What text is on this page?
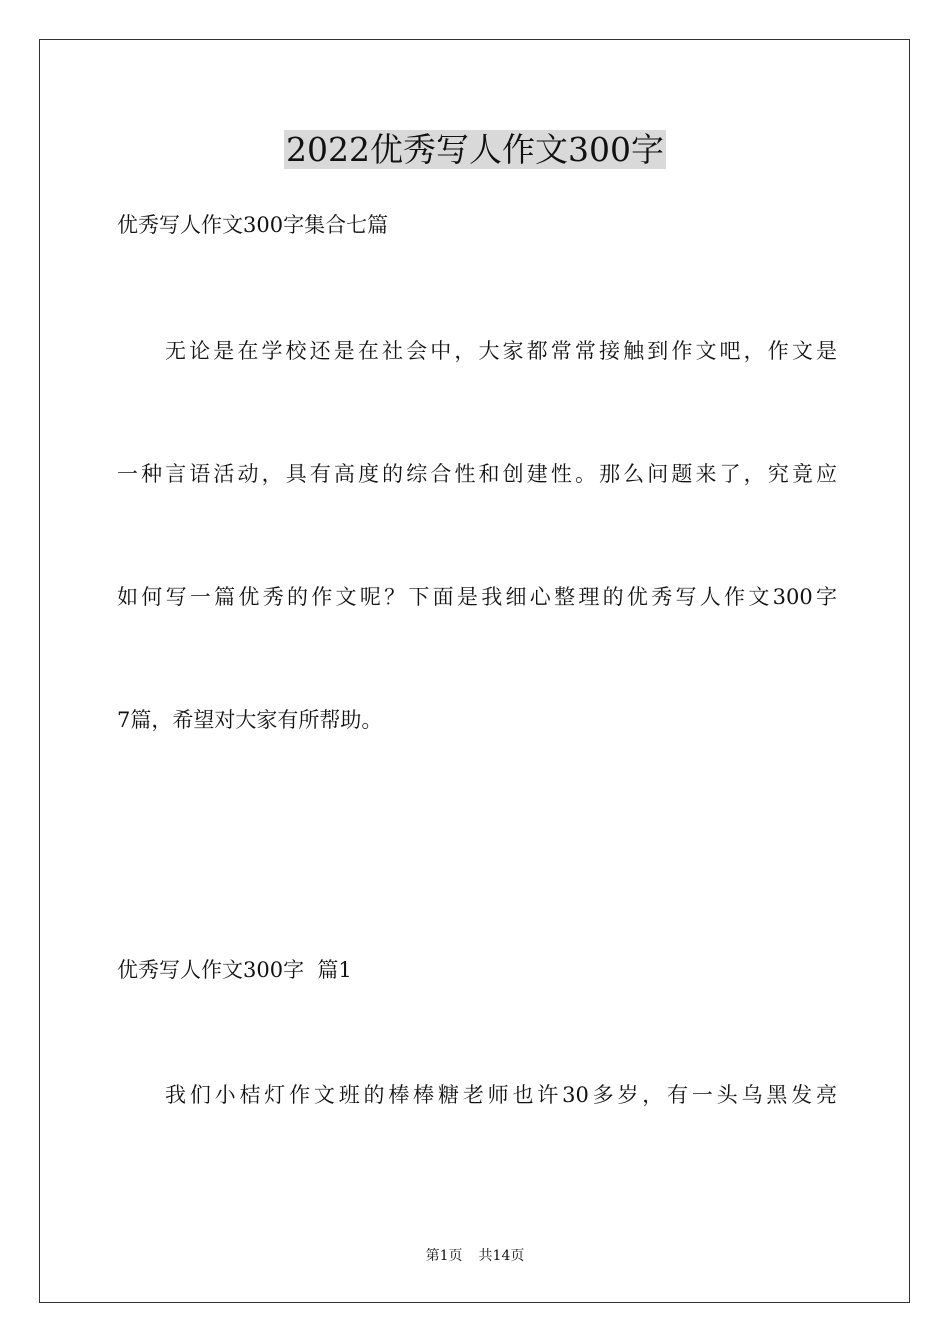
2022优秀写人作文300字

优秀写人作文300字集合七篇

无论是在学校还是在社会中，大家都常常接触到作文吧，作文是

一种言语活动，具有高度的综合性和创建性。那么问题来了，究竟应

如何写一篇优秀的作文呢？下面是我细心整理的优秀写人作文300字

7篇，希望对大家有所帮助。

优秀写人作文300字  篇1

我们小桔灯作文班的棒棒糖老师也许30多岁，有一头乌黑发亮

第1页 共14页
